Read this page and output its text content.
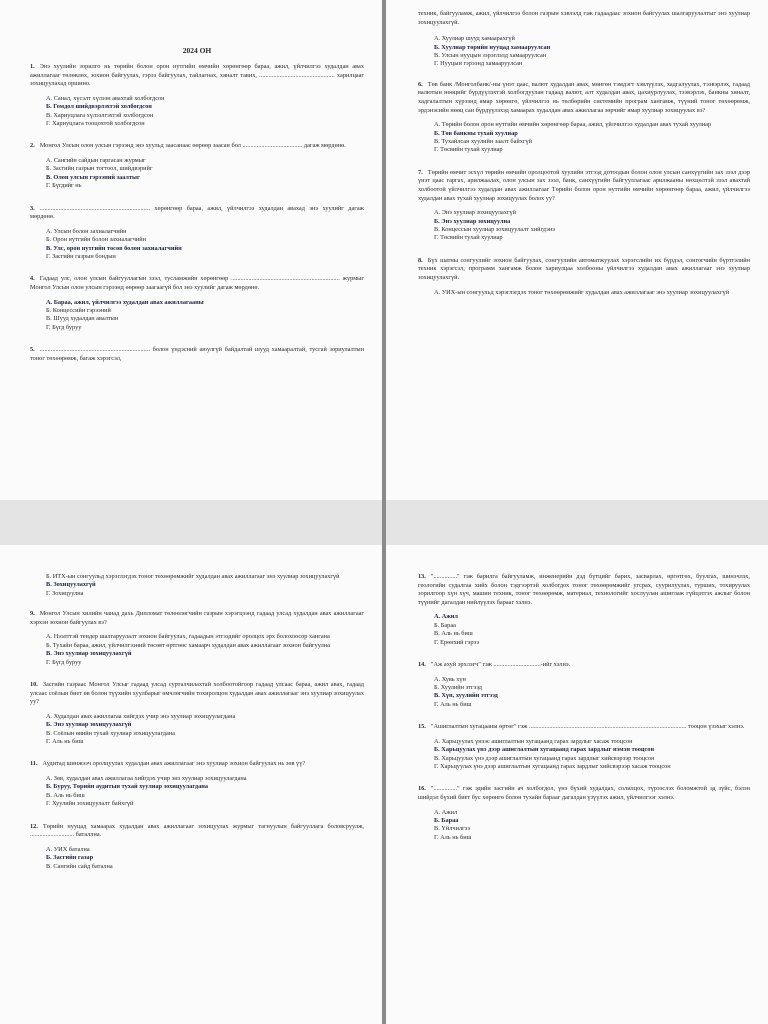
2024 ОН
1. Энэ хуулийн зорилго нь төрийн болон орон нутгийн өмчийн хөрөнгөөр бараа, ажил, үйлчилгээ худалдан авах ажиллагааг төлөвлөх, зохион байгуулах, гэрээ байгуулах, тайлагнах, хяналт тавих, ................................................ харилцааг зохицуулахад оршино.
А. Санал, хүсэлт хүлээн авахтай холбогдсон
Б. Гомдол шийдвэрлэхтэй холбогдсон
В. Хариуцлага хүлээлгэхтэй холбогдсон
Г. Хариуцлага тооцохтой холбогдсон
2. Монгол Улсын олон улсын гэрээнд энэ хуульд заасанаас өөрөөр заасан бол ...................................... дагаж мөрдөнө.
А. Сангийн сайдын гаргасан журмыг
Б. Засгийн газрын тогтоол, шийдвэрийг
В. Олон улсын гэрээний заалтыг
Г. Бүгдийг нь
3. ...................................................................... хөрөнгөөр бараа, ажил, үйлчилгээ худалдан авахад энэ хуулийг дагаж мөрдөнө.
А. Улсын болон захиалагчийн
Б. Орон нутгийн болон захиалагчийн
В. Улс, орон нутгийн төсөв болон захиалагчийн
Г. Засгийн газрын бондын
4. Гадаад улс, олон улсын байгууллагын зээл, тусламжийн хөрөнгөөр ..................................................................... журмыг Монгол Улсын олон улсын гэрээнд өөрөөр заагаагүй бол энэ хуулийг дагаж мөрдөнө.
А. Бараа, ажил, үйлчилгээ худалдан авах ажиллагааны
Б. Концессийн гэрээний
В. Шууд худалдан авалтын
Г. Бүгд буруу
5. ...................................................................... болон үндэсний аюулгүй байдалтай шууд хамааралтай, тусгай зориулалтын тоног төхөөрөмж, багаж хэрэгсэл,
техник, байгууламж, ажил, үйлчилгээ болон газрын хэвлэлд гэж гадаадаас зохион байгуулах шалгаруулалтыг энэ хуулиар зохицуулахгүй.
А. Хуулиар шууд хамаарахгүй
Б. Хуулиар төрийн нууцад хамааруулсан
В. Улсын нууцын зэрэглэлд хамааруулсан
Г. Нууцын гэрээнд хамааруулсан
6. Төв банк /Монголбанк/-ны үнэт цаас, валют худалдан авах, мөнгөн тэмдэгт хэвлүүлэх, хадгалуулах, тээвэрлэх, гадаад валютын нөөцийг бүрдүүлэхтэй холбогдуулан гадаад валют, алт худалдан авах, цахиурлуулах, тээвэрлэх, банкны хяналт, хадгалалтын хүрээнд ямар хөрөнгө, үйлчилгээ нь төлбөрийн системийн програм хангамж, түүний тоног төхөөрөмж, эрдэнэсийн нөөц сан бүрдүүлэхэд хамаарах худалдан авах ажиллагаа зөрчийг ямар хуулиар зохицуулах вэ?
А. Төрийн болон орон нутгийн өмчийн хөрөнгөөр бараа, ажил, үйлчилгээ худалдан авах тухай хуулиар
Б. Төв банкны тухай хуулиар
В. Тухайлсан хуулийн заалт байхгүй
Г. Төсвийн тухай хуулиар
7. Төрийн өмчит эсхүл төрийн өмчийн оролцоотой хуулийн этгээд дотоодын болон олон улсын санхүүгийн зах зээл дээр үнэт цаас гаргах, арилжаалах, олон улсын зах зээл, банк, санхүүгийн байгууллагаас арилжааны нөхцөлтэй зээл авахтай холбоотой үйлчилгээ худалдан авах ажиллагааг Төрийн болон орон нутгийн өмчийн хөрөнгөөр бараа, ажил, үйлчилгээ худалдан авах тухай хуулиар зохицуулах болох уу?
А. Энэ хуулиар зохицуулахгүй
Б. Энэ хуулиар зохицуулна
В. Концессын хуулиар зохицуулалт хийгдэнэ
Г. Төсвийн тухай хуулиар
8. Бүх шатны сонгуулийг зохион байгуулах, сонгуулийн автоматжуулах хэрэгслийн их бүрдэл, сонгогчийн бүртгэлийн техник хэрэгсэл, программ хангамж болон хариулцаа холбооны үйлчилгээ худалдан авах ажиллагааг энэ хуулиар зохицуулахгүй.
А. УИХ-ын сонгуульд хэрэглэгдэх тоног төхөөрөмжийг худалдан авах ажиллагааг энэ хуулиар зохицуулахгүй
Б. ИТХ-ын сонгуульд хэрэглэгдэх тоног төхөөрөмжийг худалдан авах ажиллагааг энэ хуулиар зохицуулахгүй
В. Зохицуулахгүй
Г. Зохицуулна
9. Монгол Улсын хилийн чанад дахь Дипломат төлөөлөгчийн газрын хэрэгцээнд гадаад улсад худалдан авах ажиллагааг хэрхэн зохион байгуулах вэ?
А. Нээлттэй тендер шалгаруулалт зохион байгуулах, гадаадын этгээдийг оролцох эрх болохоосор хангана
Б. Тухайн бараа, ажил, үйлчилгээний төсөвт өртгөөс хамаарч худалдан авах ажиллагааг зохион байгуулна
В. Энэ хуулиар зохицуулахгүй
Г. Бүгд буруу
10. Засгийн газраас Монгол Улсыг гадаад улсад сурталчилахтай холбоотойгоор гадаад улсаас бараа, ажил авах, гадаад улсаас соёлын биет өв болон түүхийн хуулбарыг өмчлөгчийн тохиролцон худалдан авах ажиллагааг энэ хуулиар зохицуулах уу?
А. Худалдан авах ажиллагаа хийгдэх учир энэ хуулиар зохицуулагдана
Б. Энэ хуулиар зохицуулахгүй
В. Соёлын өвийн тухай хуулиар зохицуулагдана
Г. Аль нь биш
11. Аудитад шинжээч оролцуулах худалдан авах ажиллагааг энэ хуулиар зохион байгуулах нь зөв үү?
А. Зөв, худалдан авах ажиллагаа хийгдэх учир энэ хуулиар зохицуулагдана
Б. Буруу, Төрийн аудитын тухай хуулиар зохицуулагдана
В. Аль нь биш
Г. Хуулийн зохицуулалт байхгүй
12. Төрийн нууцад хамаарах худалдан авах ажиллагааг зохицуулах журмыг тагнуулын байгууллага боловсруулж, ............................ баталлна.
А. УИХ батална
Б. Засгийн газар
В. Сангийн сайд батална
13. "..............." гэж барилга байгууламж, инженерийн дэд бүтцийг барих, засварлах, өргөтгөх, буулгах, шинэчлэх, геологийн судалгаа хийх болон тэдгээртэй холбогдох тоног төхөөрөмжийг угсрах, суурилуулах, турших, тохируулах зорилгоор хүн хүч, машин техник, тоног төхөөрөмж, материал, технологийг хослуулан ашиглаж гүйцэтгэх ажлыг болон түүнийг дагалдан нийлүүлэх барааг хэлнэ.
А. Ажил
Б. Бараа
В. Аль нь биш
Г. Ерөнхий гэрээ
14. "Аж ахуй эрхлэгч" гэж ..............................-ийг хэлнэ.
А. Хувь хүн
Б. Хуулийн этгээд
В. Хүн, хуулийн этгээд
Г. Аль нь биш
15. "Ашиглалтын хугацааны өртөг" гэж .................................................................................................... тооцон үзэхыг хэлнэ.
А. Харьцуулах үнээс ашиглалтын хугацаанд гарах зардлыг хасаж тооцсон
Б. Харьцуулах үнэ дээр ашиглалтын хугацаанд гарах зардлыг нэмэн тооцсон
В. Харьцуулах үнэ дээр ашиглалтын хугацаанд гарах зардлыг хийсвэрээр тооцсон
Г. Харьцуулах үнэ дээр ашиглалтын хугацаанд гарах зардлыг хийсвэрээр хасаж тооцсон
16. "..............." гэж эдийн засгийн ач холбогдол, үнэ бүхий худалдах, солилцох, түрээслэх боломжтой эд зүйс, бэлэн шийдэл бүхий биет бус хөрөнгө болон тухайн барааг дагалдан үзүүлэх ажил, үйлчилгээг хэлнэ.
А. Ажил
Б. Бараа
В. Үйлчилгээ
Г. Аль нь биш
